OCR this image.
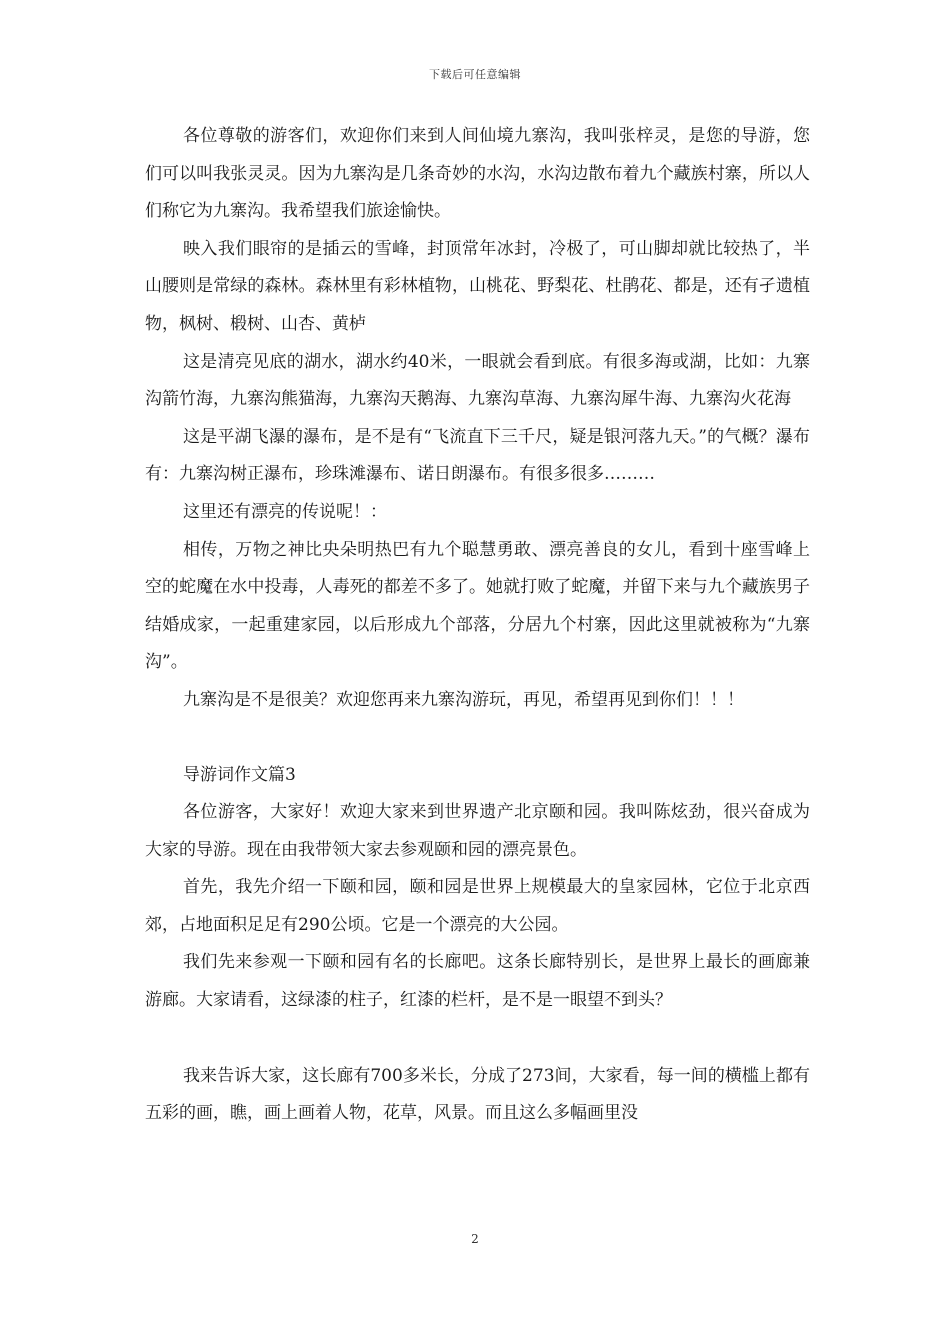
下载后可任意编辑

各位尊敬的游客们，欢迎你们来到人间仙境九寨沟，我叫张梓灵，是您的导游，您们可以叫我张灵灵。因为九寨沟是几条奇妙的水沟，水沟边散布着九个藏族村寨，所以人们称它为九寨沟。我希望我们旅途愉快。

映入我们眼帘的是插云的雪峰，封顶常年冰封，冷极了，可山脚却就比较热了，半山腰则是常绿的森林。森林里有彩林植物，山桃花、野梨花、杜鹃花、都是，还有孑遗植物，枫树、椴树、山杏、黄栌

这是清亮见底的湖水，湖水约40米，一眼就会看到底。有很多海或湖，比如：九寨沟箭竹海，九寨沟熊猫海，九寨沟天鹅海、九寨沟草海、九寨沟犀牛海、九寨沟火花海

这是平湖飞瀑的瀑布，是不是有“飞流直下三千尺，疑是银河落九天。”的气概？瀑布有：九寨沟树正瀑布，珍珠滩瀑布、诺日朗瀑布。有很多很多………

这里还有漂亮的传说呢！：

相传，万物之神比央朵明热巴有九个聪慧勇敢、漂亮善良的女儿，看到十座雪峰上空的蛇魔在水中投毒，人毒死的都差不多了。她就打败了蛇魔，并留下来与九个藏族男子结婚成家，一起重建家园，以后形成九个部落，分居九个村寨，因此这里就被称为“九寨沟”。

九寨沟是不是很美？欢迎您再来九寨沟游玩，再见，希望再见到你们！！！

导游词作文篇3

各位游客，大家好！欢迎大家来到世界遗产北京颐和园。我叫陈炫劲，很兴奋成为大家的导游。现在由我带领大家去参观颐和园的漂亮景色。

首先，我先介绍一下颐和园，颐和园是世界上规模最大的皇家园林，它位于北京西郊，占地面积足足有290公顷。它是一个漂亮的大公园。

我们先来参观一下颐和园有名的长廊吧。这条长廊特别长，是世界上最长的画廊兼游廊。大家请看，这绿漆的柱子，红漆的栏杆，是不是一眼望不到头？

我来告诉大家，这长廊有700多米长，分成了273间，大家看，每一间的横槛上都有五彩的画，瞧，画上画着人物，花草，风景。而且这么多幅画里没

2
